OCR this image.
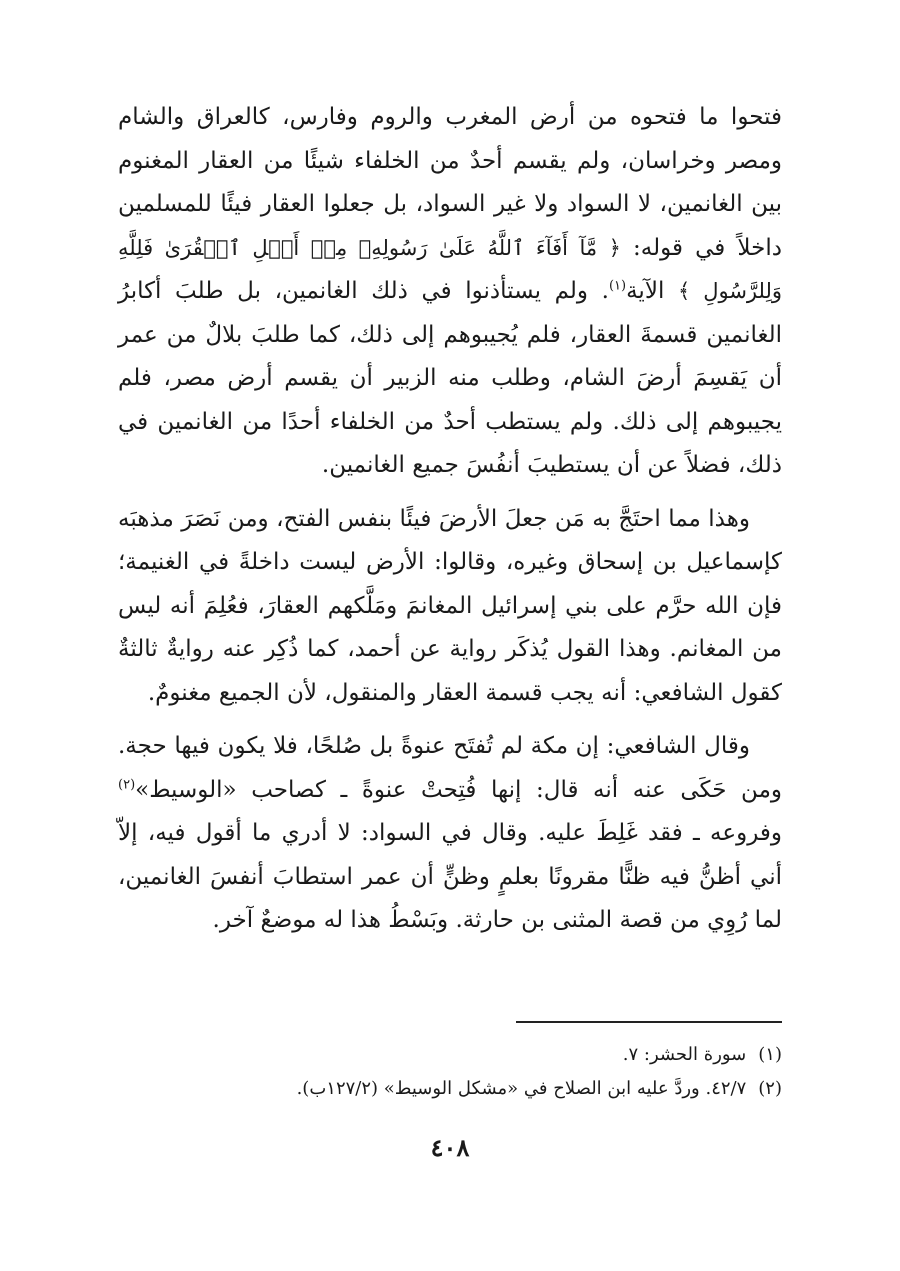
فتحوا ما فتحوه من أرض المغرب والروم وفارس، كالعراق والشام ومصر وخراسان، ولم يقسم أحدٌ من الخلفاء شيئًا من العقار المغنوم بين الغانمين، لا السواد ولا غير السواد، بل جعلوا العقار فيئًا للمسلمين داخلاً في قوله: ﴿ مَّآ أَفَآءَ ٱللَّهُ عَلَىٰ رَسُولِهِۦ مِنۡ أَهۡلِ ٱلۡقُرَىٰ فَلِلَّهِ وَلِلرَّسُولِ ﴾ الآية$^{(١)}$. ولم يستأذنوا في ذلك الغانمين، بل طلبَ أكابرُ الغانمين قسمةَ العقار، فلم يُجيبوهم إلى ذلك، كما طلبَ بلالٌ من عمر أن يَقسِمَ أرضَ الشام، وطلب منه الزبير أن يقسم أرض مصر، فلم يجيبوهم إلى ذلك. ولم يستطب أحدٌ من الخلفاء أحدًا من الغانمين في ذلك، فضلاً عن أن يستطيبَ أنفُسَ جميع الغانمين.

وهذا مما احتَجَّ به مَن جعلَ الأرضَ فيئًا بنفس الفتح، ومن نَصَرَ مذهبَه كإسماعيل بن إسحاق وغيره، وقالوا: الأرض ليست داخلةً في الغنيمة؛ فإن الله حرَّم على بني إسرائيل المغانمَ ومَلَّكهم العقارَ، فعُلِمَ أنه ليس من المغانم. وهذا القول يُذكَر رواية عن أحمد، كما ذُكِر عنه روايةٌ ثالثةٌ كقول الشافعي: أنه يجب قسمة العقار والمنقول، لأن الجميع مغنومٌ.

وقال الشافعي: إن مكة لم تُفتَح عنوةً بل صُلحًا، فلا يكون فيها حجة. ومن حَكَى عنه أنه قال: إنها فُتِحتْ عنوةً ـ كصاحب «الوسيط»$^{(٢)}$ وفروعه ـ فقد غَلِطَ عليه. وقال في السواد: لا أدري ما أقول فيه، إلاّ أني أظنُّ فيه ظنًّا مقرونًا بعلمٍ وظنٍّ أن عمر استطابَ أنفسَ الغانمين، لما رُوِي من قصة المثنى بن حارثة. وبَسْطُ هذا له موضعٌ آخر.

(١)سورة الحشر: ٧.

(٢)٤٢/٧. وردَّ عليه ابن الصلاح في «مشكل الوسيط» (١٢٧/٢ب).

٤٠٨
